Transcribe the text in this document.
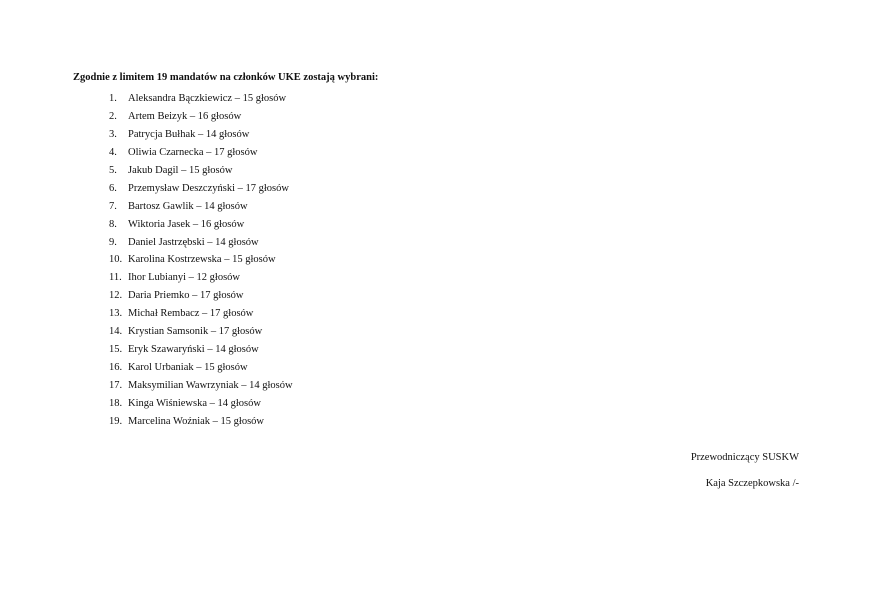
Zgodnie z limitem 19 mandatów na członków UKE zostają wybrani:
1. Aleksandra Bączkiewicz – 15 głosów
2. Artem Beizyk – 16 głosów
3. Patrycja Bułhak – 14 głosów
4. Oliwia Czarnecka – 17 głosów
5. Jakub Dagil – 15 głosów
6. Przemysław Deszczyński – 17 głosów
7. Bartosz Gawlik – 14 głosów
8. Wiktoria Jasek – 16 głosów
9. Daniel Jastrzębski – 14 głosów
10. Karolina Kostrzewska – 15 głosów
11. Ihor Lubianyi – 12 głosów
12. Daria Priemko – 17 głosów
13. Michał Rembacz – 17 głosów
14. Krystian Samsonik – 17 głosów
15. Eryk Szawaryński – 14 głosów
16. Karol Urbaniak – 15 głosów
17. Maksymilian Wawrzyniak – 14 głosów
18. Kinga Wiśniewska – 14 głosów
19. Marcelina Woźniak – 15 głosów
Przewodniczący SUSKW
Kaja Szczepkowska /-
